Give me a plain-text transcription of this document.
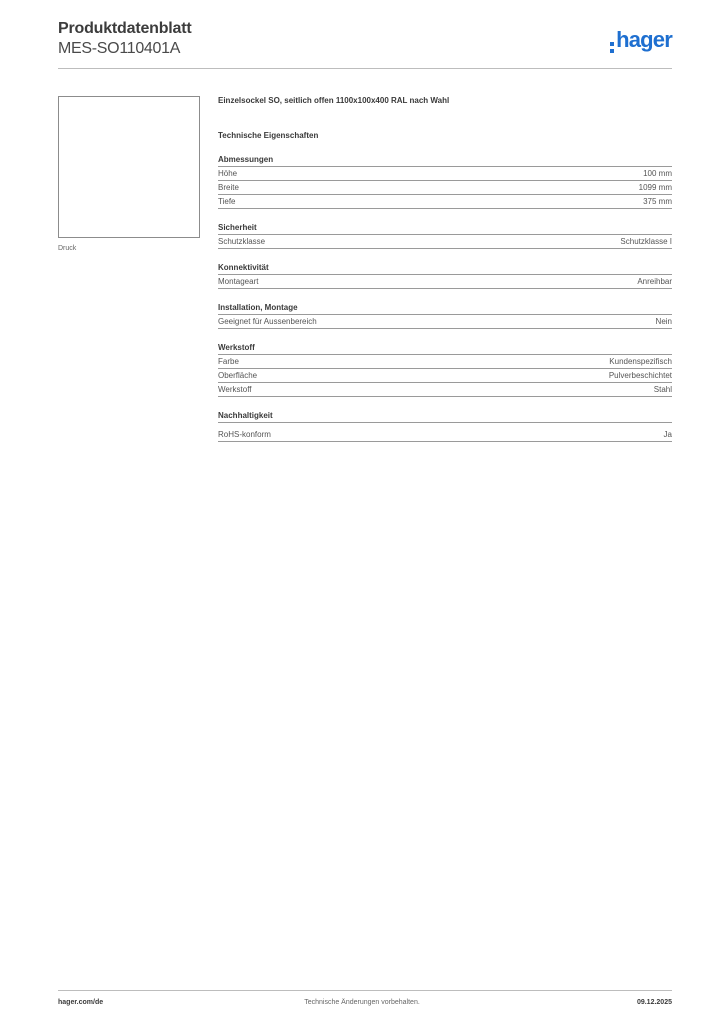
Produktdatenblatt
MES-SO110401A	hager
Druck
Einzelsockel SO, seitlich offen 1100x100x400 RAL nach Wahl
Technische Eigenschaften
Abmessungen
Höhe	100 mm
Breite	1099 mm
Tiefe	375 mm
Sicherheit
Schutzklasse	Schutzklasse I
Konnektivität
Montageart	Anreihbar
Installation, Montage
Geeignet für Aussenbereich	Nein
Werkstoff
Farbe	Kundenspezifisch
Oberfläche	Pulverbeschichtet
Werkstoff	Stahl
Nachhaltigkeit
RoHS-konform	Ja
hager.com/de	Technische Änderungen vorbehalten.	09.12.2025
